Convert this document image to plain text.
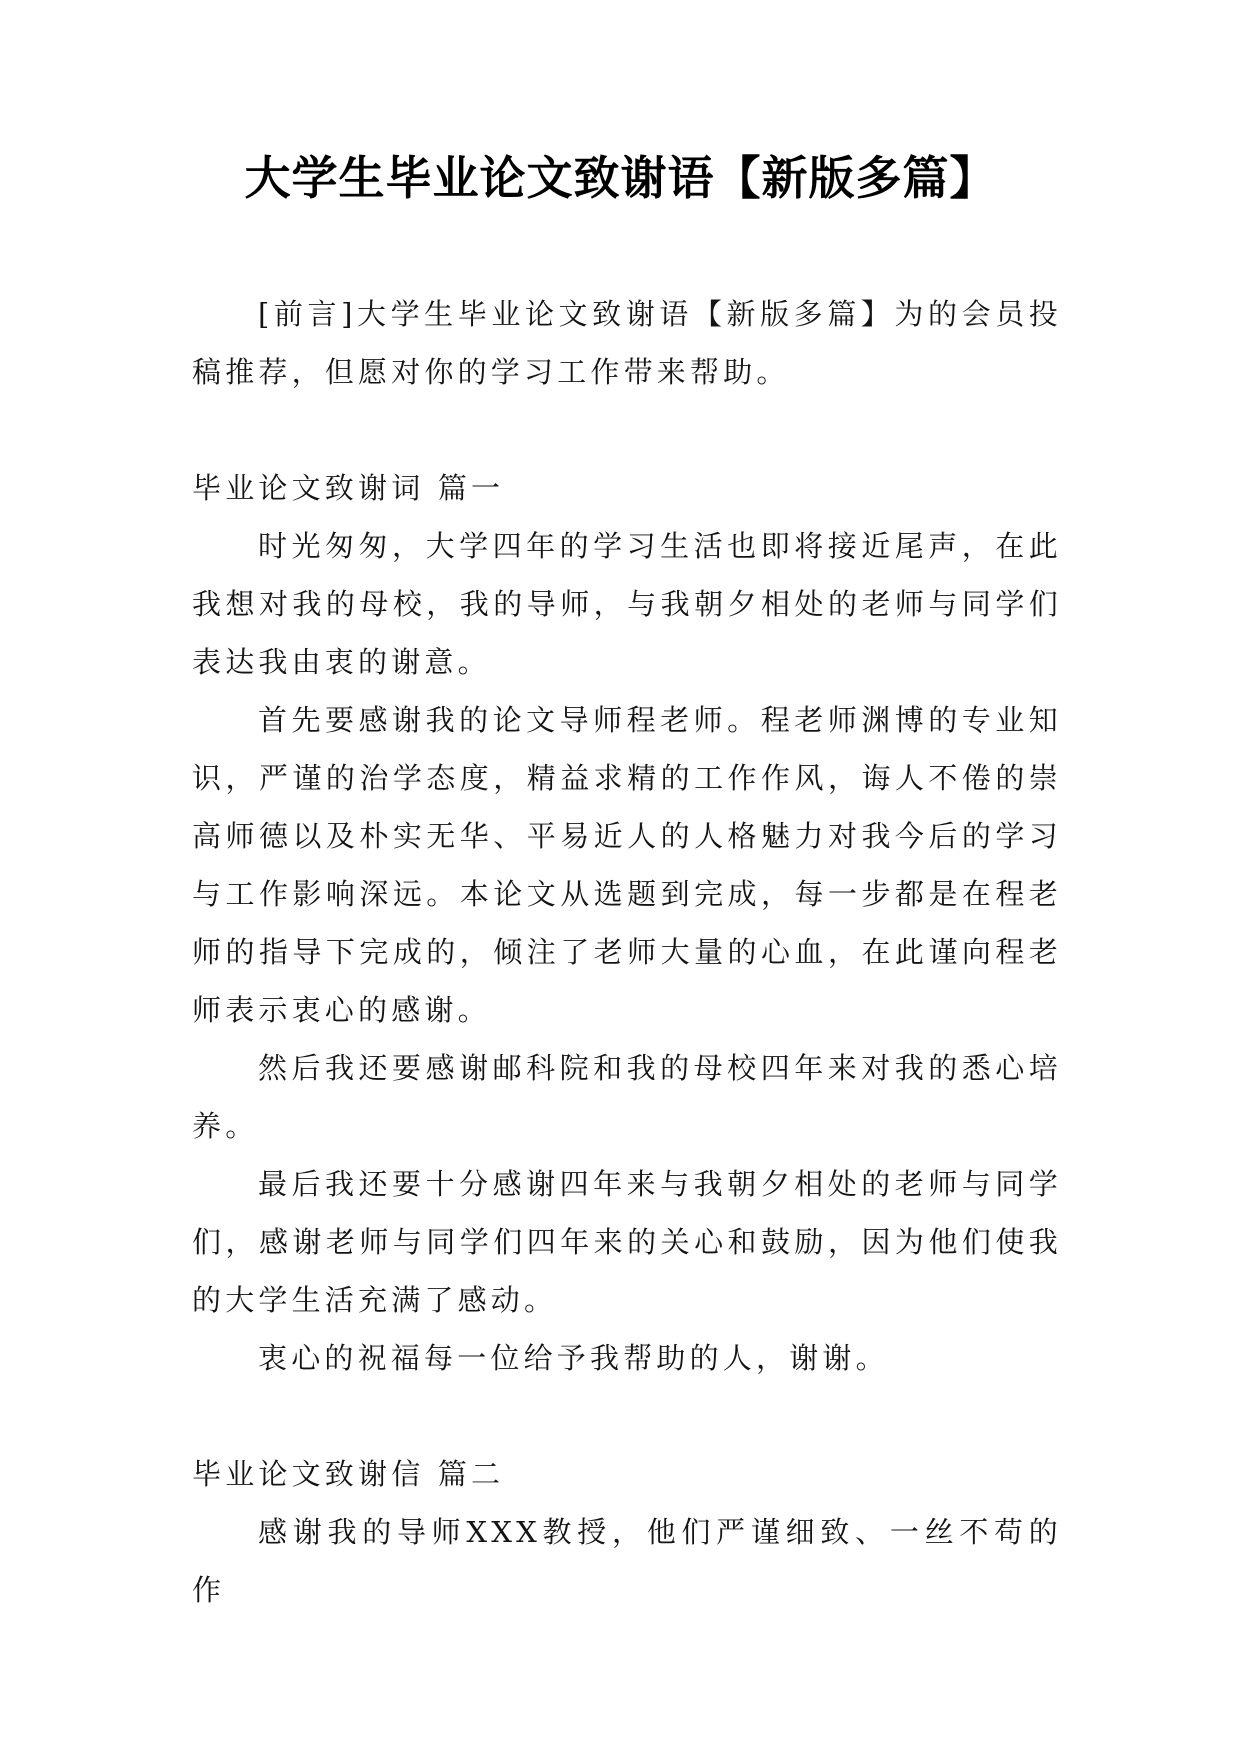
大学生毕业论文致谢语【新版多篇】

[前言]大学生毕业论文致谢语【新版多篇】为的会员投稿推荐，但愿对你的学习工作带来帮助。

毕业论文致谢词 篇一

时光匆匆，大学四年的学习生活也即将接近尾声，在此我想对我的母校，我的导师，与我朝夕相处的老师与同学们表达我由衷的谢意。

首先要感谢我的论文导师程老师。程老师渊博的专业知识，严谨的治学态度，精益求精的工作作风，诲人不倦的崇高师德以及朴实无华、平易近人的人格魅力对我今后的学习与工作影响深远。本论文从选题到完成，每一步都是在程老师的指导下完成的，倾注了老师大量的心血，在此谨向程老师表示衷心的感谢。

然后我还要感谢邮科院和我的母校四年来对我的悉心培养。

最后我还要十分感谢四年来与我朝夕相处的老师与同学们，感谢老师与同学们四年来的关心和鼓励，因为他们使我的大学生活充满了感动。

衷心的祝福每一位给予我帮助的人，谢谢。

毕业论文致谢信 篇二

感谢我的导师XXX教授，他们严谨细致、一丝不苟的作
